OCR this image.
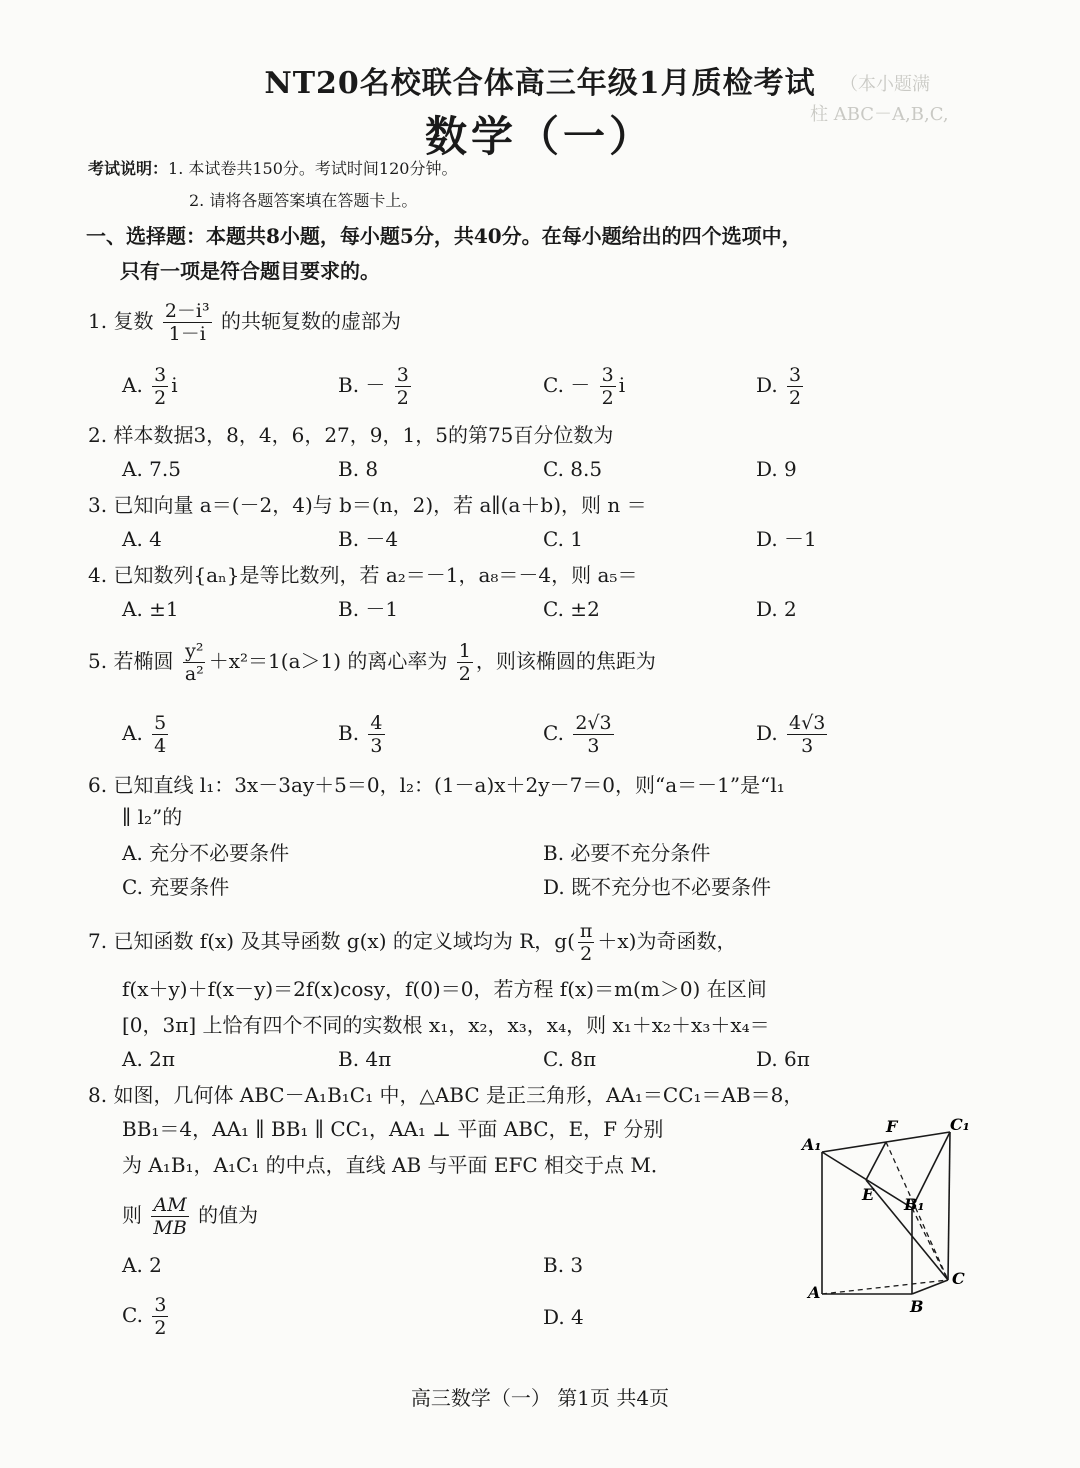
NT20名校联合体高三年级1月质检考试
数学（一）
（本小题满
柱 ABC－A,B,C,
考试说明：1. 本试卷共150分。考试时间120分钟。
2. 请将各题答案填在答题卡上。
一、选择题：本题共8小题，每小题5分，共40分。在每小题给出的四个选项中，
只有一项是符合题目要求的。
1. 复数 $\frac{\text{2－i³}}{1-i}$ 的共轭复数的虚部为
A. $\frac{3}{2}$ i	B. － $\frac{3}{2}$	C. － $\frac{3}{2}$ i	D. $\frac{3}{2}$
2. 样本数据3，8，4，6，27，9，1，5的第75百分位数为
A. 7.5	B. 8	C. 8.5	D. 9
3. 已知向量 a＝(－2，4)与 b＝(n，2)，若 a∥(a＋b)，则 n ＝
A. 4	B. －4	C. 1	D. －1
4. 已知数列{aₙ}是等比数列，若 a₂＝－1，a₈＝－4，则 a₅＝
A. ±1	B. －1	C. ±2	D. 2
5. 若椭圆 $\frac{\text{y²}}{\text{a²}} +x^2=1(a>1)$ 的离心率为 $\frac{1}{2}$ ，则该椭圆的焦距为
A. $\frac{5}{4}$	B. $\frac{4}{3}$	C. $\frac{2√3}{3}$	D. $\frac{4√3}{3}$
6. 已知直线 l₁：3x－3ay＋5＝0，l₂：(1－a)x＋2y－7＝0，则“a＝－1”是“l₁
∥ l₂”的
A. 充分不必要条件	B. 必要不充分条件
C. 充要条件	D. 既不充分也不必要条件
7. 已知函数 f(x) 及其导函数 g(x) 的定义域均为 R，$g( \frac{\pi}{2} +x)$为奇函数，
f(x＋y)＋f(x－y)＝2f(x)cosy，f(0)＝0，若方程 f(x)＝m(m＞0) 在区间
[0，3π] 上恰有四个不同的实数根 x₁，x₂，x₃，x₄，则 x₁＋x₂＋x₃＋x₄＝
A. 2π	B. 4π	C. 8π	D. 6π
8. 如图，几何体 ABC－A₁B₁C₁ 中，△ABC 是正三角形，AA₁＝CC₁＝AB＝8，
BB₁＝4，AA₁ ∥ BB₁ ∥ CC₁，AA₁ ⊥ 平面 ABC，E，F 分别
为 A₁B₁，A₁C₁ 的中点，直线 AB 与平面 EFC 相交于点 M．
则 $\frac{AM}{MB}$ 的值为
A. 2	B. 3
C. $\frac{3}{2}$	D. 4
A₁
F	C₁
E
B₁
A
B
C
高三数学（一） 第1页 共4页
